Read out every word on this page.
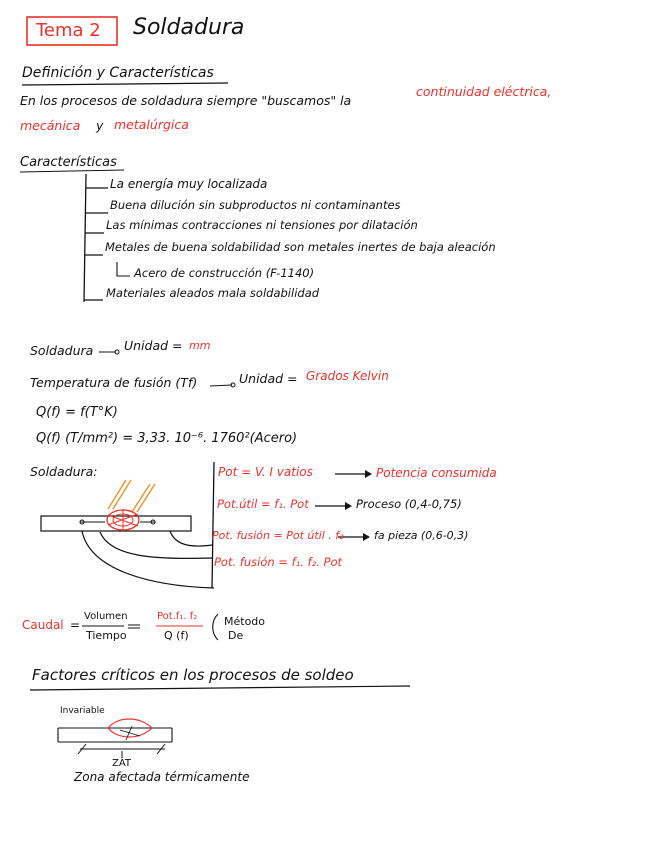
Tema 2 Soldadura
Definición y Características
En los procesos de soldadura siempre "buscamos" la
continuidad eléctrica,
mecánica y metalúrgica
Características
La energía muy localizada
Buena dilución sin subproductos ni contaminantes
Las mínimas contracciones ni tensiones por dilatación
Metales de buena soldabilidad son metales inertes de baja aleación
Acero de construcción (F-1140)
Materiales aleados mala soldabilidad
Soldadura Unidad = mm
Temperatura de fusión (Tf)	Unidad = Grados Kelvin
Q(f) = f(T°K)
Q(f) (T/mm²) = 3,33. 10⁻⁶. 1760²(Acero)
Soldadura:	Pot = V. I vatios	Potencia consumida
Pot.útil = f₁. Pot	Proceso (0,4-0,75)
Pot. fusión = Pot útil . f₂	fa pieza (0,6-0,3)
Pot. fusión = f₁. f₂. Pot
Caudal =
Volumen
Tiempo
Pot.f₁. f₂
Q (f)
Método
De
Factores críticos en los procesos de soldeo
Invariable
ZAT
Zona afectada térmicamente
